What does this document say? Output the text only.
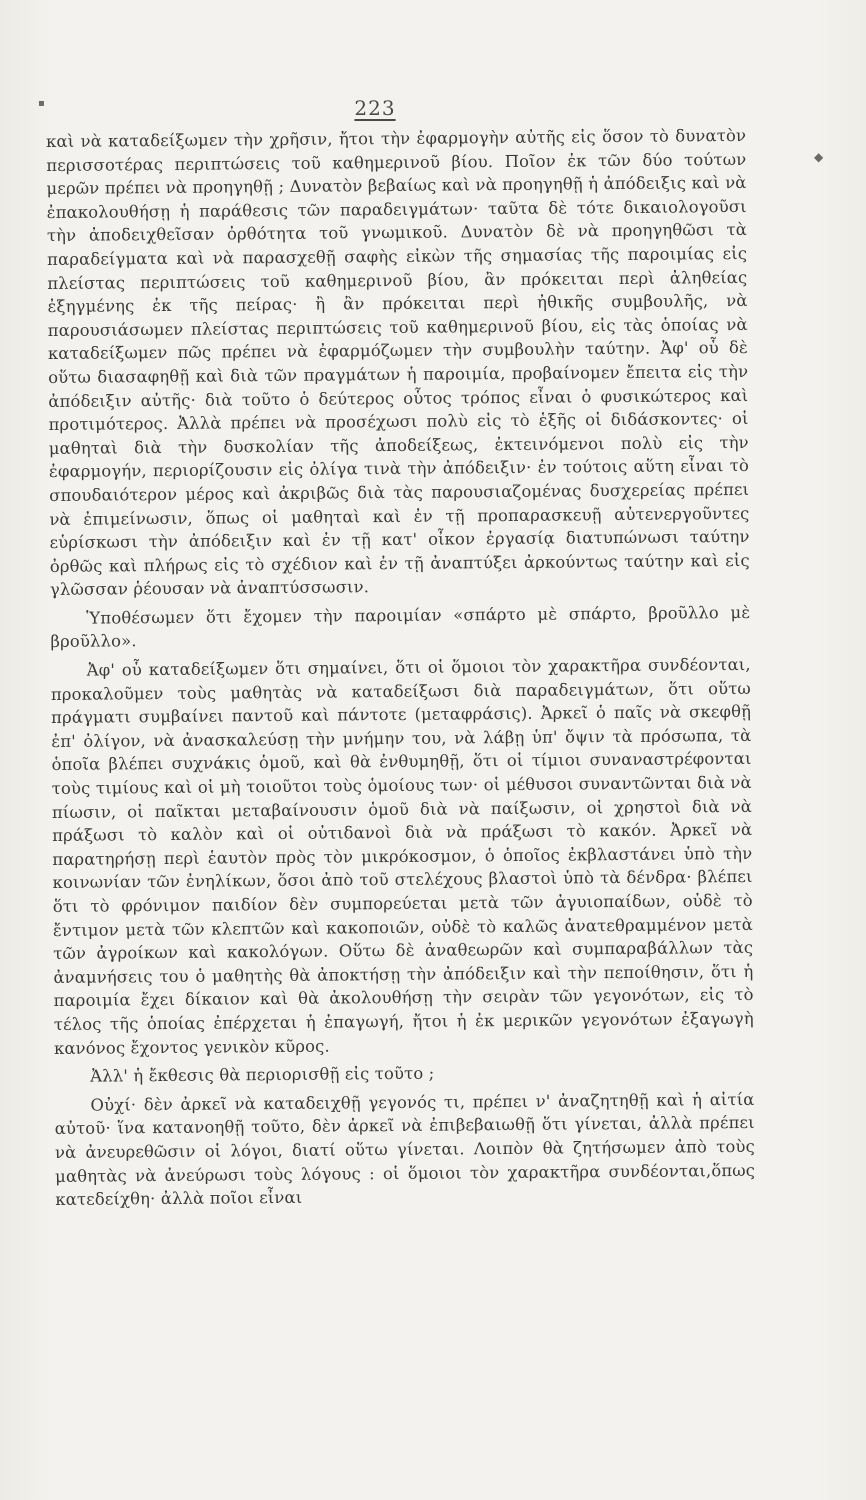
▪
◆
223

καὶ νὰ καταδείξωμεν τὴν χρῆσιν, ἤτοι τὴν ἐφαρμογὴν αὐτῆς εἰς ὅσον τὸ δυνατὸν περισσοτέρας περιπτώσεις τοῦ καθημερινοῦ βίου. Ποῖον ἐκ τῶν δύο τούτων μερῶν πρέπει νὰ προηγηθῇ ; Δυνατὸν βεβαίως καὶ νὰ προηγηθῇ ἡ ἀπόδειξις καὶ νὰ ἐπακολουθήσῃ ἡ παράθεσις τῶν παραδειγμάτων· ταῦτα δὲ τότε δικαιολογοῦσι τὴν ἀποδειχθεῖσαν ὀρθότητα τοῦ γνωμικοῦ. Δυνατὸν δὲ νὰ προηγηθῶσι τὰ παραδείγματα καὶ νὰ παρασχεθῇ σαφὴς εἰκὼν τῆς σημασίας τῆς παροιμίας εἰς πλείστας περιπτώσεις τοῦ καθημερινοῦ βίου, ἂν πρόκειται περὶ ἀληθείας ἐξηγμένης ἐκ τῆς πείρας· ἢ ἂν πρόκειται περὶ ἠθικῆς συμβουλῆς, νὰ παρουσιάσωμεν πλείστας περιπτώσεις τοῦ καθημερινοῦ βίου, εἰς τὰς ὁποίας νὰ καταδείξωμεν πῶς πρέπει νὰ ἐφαρμόζωμεν τὴν συμβουλὴν ταύτην. Ἀφ' οὗ δὲ οὕτω διασαφηθῇ καὶ διὰ τῶν πραγμάτων ἡ παροιμία, προβαίνομεν ἔπειτα εἰς τὴν ἀπόδειξιν αὐτῆς· διὰ τοῦτο ὁ δεύτερος οὗτος τρόπος εἶναι ὁ φυσικώτερος καὶ προτιμότερος. Ἀλλὰ πρέπει νὰ προσέχωσι πολὺ εἰς τὸ ἑξῆς οἱ διδάσκοντες· οἱ μαθηταὶ διὰ τὴν δυσκολίαν τῆς ἀποδείξεως, ἐκτεινόμενοι πολὺ εἰς τὴν ἐφαρμογήν, περιορίζουσιν εἰς ὀλίγα τινὰ τὴν ἀπόδειξιν· ἐν τούτοις αὕτη εἶναι τὸ σπουδαιότερον μέρος καὶ ἀκριβῶς διὰ τὰς παρουσιαζομένας δυσχερείας πρέπει νὰ ἐπιμείνωσιν, ὅπως οἱ μαθηταὶ καὶ ἐν τῇ προπαρασκευῇ αὐτενεργοῦντες εὑρίσκωσι τὴν ἀπόδειξιν καὶ ἐν τῇ κατ' οἶκον ἐργασίᾳ διατυπώνωσι ταύτην ὀρθῶς καὶ πλήρως εἰς τὸ σχέδιον καὶ ἐν τῇ ἀναπτύξει ἀρκούντως ταύτην καὶ εἰς γλῶσσαν ῥέουσαν νὰ ἀναπτύσσωσιν.

Ὑποθέσωμεν ὅτι ἔχομεν τὴν παροιμίαν «σπάρτο μὲ σπάρτο, βροῦλλο μὲ βροῦλλο».

Ἀφ' οὗ καταδείξωμεν ὅτι σημαίνει, ὅτι οἱ ὅμοιοι τὸν χαρακτῆρα συνδέονται, προκαλοῦμεν τοὺς μαθητὰς νὰ καταδείξωσι διὰ παραδειγμάτων, ὅτι οὕτω πράγματι συμβαίνει παντοῦ καὶ πάντοτε (μεταφράσις). Ἀρκεῖ ὁ παῖς νὰ σκεφθῇ ἐπ' ὀλίγον, νὰ ἀνασκαλεύσῃ τὴν μνήμην του, νὰ λάβῃ ὑπ' ὄψιν τὰ πρόσωπα, τὰ ὁποῖα βλέπει συχνάκις ὁμοῦ, καὶ θὰ ἐνθυμηθῇ, ὅτι οἱ τίμιοι συναναστρέφονται τοὺς τιμίους καὶ οἱ μὴ τοιοῦτοι τοὺς ὁμοίους των· οἱ μέθυσοι συναντῶνται διὰ νὰ πίωσιν, οἱ παῖκται μεταβαίνουσιν ὁμοῦ διὰ νὰ παίξωσιν, οἱ χρηστοὶ διὰ νὰ πράξωσι τὸ καλὸν καὶ οἱ οὐτιδανοὶ διὰ νὰ πράξωσι τὸ κακόν. Ἀρκεῖ νὰ παρατηρήσῃ περὶ ἑαυτὸν πρὸς τὸν μικρόκοσμον, ὁ ὁποῖος ἐκβλαστάνει ὑπὸ τὴν κοινωνίαν τῶν ἐνηλίκων, ὅσοι ἀπὸ τοῦ στελέχους βλαστοὶ ὑπὸ τὰ δένδρα· βλέπει ὅτι τὸ φρόνιμον παιδίον δὲν συμπορεύεται μετὰ τῶν ἀγυιοπαίδων, οὐδὲ τὸ ἔντιμον μετὰ τῶν κλεπτῶν καὶ κακοποιῶν, οὐδὲ τὸ καλῶς ἀνατεθραμμένον μετὰ τῶν ἀγροίκων καὶ κακολόγων. Οὕτω δὲ ἀναθεωρῶν καὶ συμπαραβάλλων τὰς ἀναμνήσεις του ὁ μαθητὴς θὰ ἀποκτήσῃ τὴν ἀπόδειξιν καὶ τὴν πεποίθησιν, ὅτι ἡ παροιμία ἔχει δίκαιον καὶ θὰ ἀκολουθήσῃ τὴν σειρὰν τῶν γεγονότων, εἰς τὸ τέλος τῆς ὁποίας ἐπέρχεται ἡ ἐπαγωγή, ἤτοι ἡ ἐκ μερικῶν γεγονότων ἐξαγωγὴ κανόνος ἔχοντος γενικὸν κῦρος.

Ἀλλ' ἡ ἔκθεσις θὰ περιορισθῇ εἰς τοῦτο ;

Οὐχί· δὲν ἀρκεῖ νὰ καταδειχθῇ γεγονός τι, πρέπει ν' ἀναζητηθῇ καὶ ἡ αἰτία αὐτοῦ· ἵνα κατανοηθῇ τοῦτο, δὲν ἀρκεῖ νὰ ἐπιβεβαιωθῇ ὅτι γίνεται, ἀλλὰ πρέπει νὰ ἀνευρεθῶσιν οἱ λόγοι, διατί οὕτω γίνεται. Λοιπὸν θὰ ζητήσωμεν ἀπὸ τοὺς μαθητὰς νὰ ἀνεύρωσι τοὺς λόγους : οἱ ὅμοιοι τὸν χαρακτῆρα συνδέονται,ὅπως κατεδείχθη· ἀλλὰ ποῖοι εἶναι
